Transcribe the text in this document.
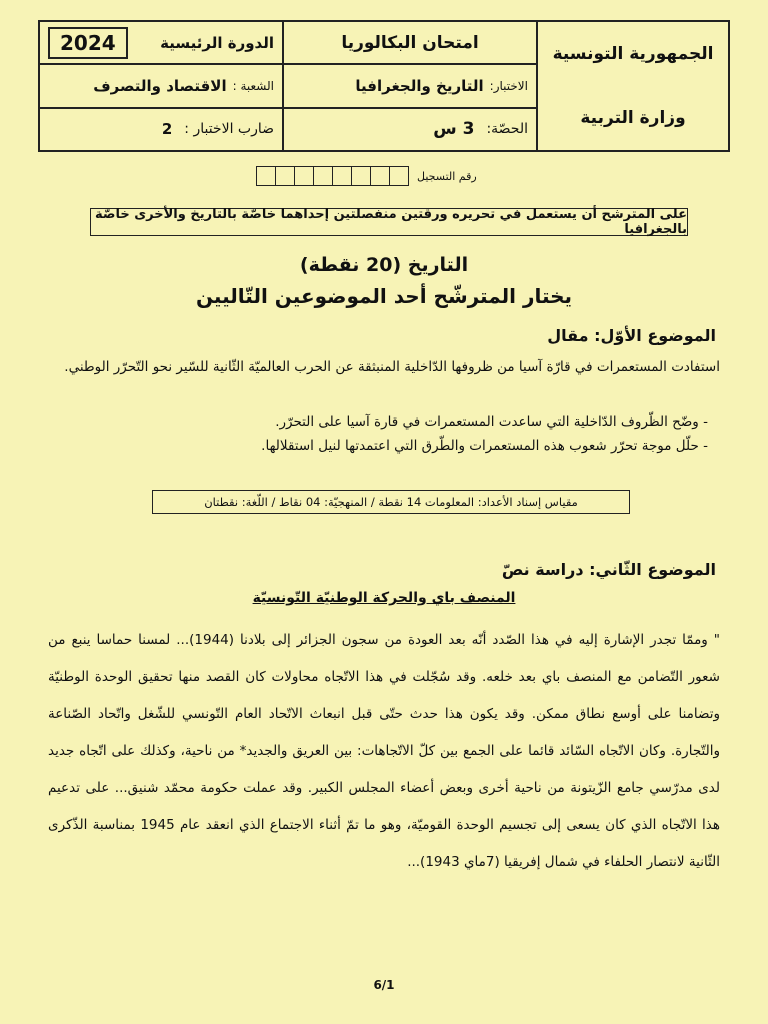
الدورة الرئيسية
2024
الشعبة :
الاقتصاد والتصرف
ضارب الاختبار :
2
امتحان البكالوريا
الاختبار:
التاريخ والجغرافيا
الحصّة:
3 س
الجمهورية التونسية
وزارة التربية
رقم التسجيل
على المترشح أن يستعمل في تحريره ورقتين منفصلتين إحداهما خاصّة بالتاريخ والأخرى خاصّة بالجغرافيا
التاريخ (20 نقطة)
يختار المترشّح أحد الموضوعين التّاليين
الموضوع الأوّل: مقال
استفادت المستعمرات في قارّة آسيا من ظروفها الدّاخلية المنبثقة عن الحرب العالميّة الثّانية للسّير نحو التّحرّر الوطني.
- وضّح الظّروف الدّاخلية التي ساعدت المستعمرات في قارة آسيا على التحرّر.
- حلّل موجة تحرّر شعوب هذه المستعمرات والطّرق التي اعتمدتها لنيل استقلالها.
مقياس إسناد الأعداد: المعلومات 14 نقطة / المنهجيّة: 04 نقاط / اللّغة: نقطتان
الموضوع الثّاني: دراسة نصّ
المنصف باي والحركة الوطنيّة التّونسيّة
" وممّا تجدر الإشارة إليه في هذا الصّدد أنّه بعد العودة من سجون الجزائر إلى بلادنا (1944)... لمسنا حماسا ينبع من شعور التّضامن مع المنصف باي بعد خلعه. وقد سُجّلت في هذا الاتّجاه محاولات كان القصد منها تحقيق الوحدة الوطنيّة وتضامنا على أوسع نطاق ممكن. وقد يكون هذا حدث حتّى قبل انبعاث الاتّحاد العام التّونسي للشّغل واتّحاد الصّناعة والتّجارة. وكان الاتّجاه السّائد قائما على الجمع بين كلّ الاتّجاهات: بين العريق والجديد* من ناحية، وكذلك على اتّجاه جديد لدى مدرّسي جامع الزّيتونة من ناحية أخرى وبعض أعضاء المجلس الكبير. وقد عملت حكومة محمّد شنيق... على تدعيم هذا الاتّجاه الذي كان يسعى إلى تجسيم الوحدة القوميّة، وهو ما تمّ أثناء الاجتماع الذي انعقد عام 1945 بمناسبة الذّكرى الثّانية لانتصار الحلفاء في شمال إفريقيا (7ماي 1943)...
6/1
